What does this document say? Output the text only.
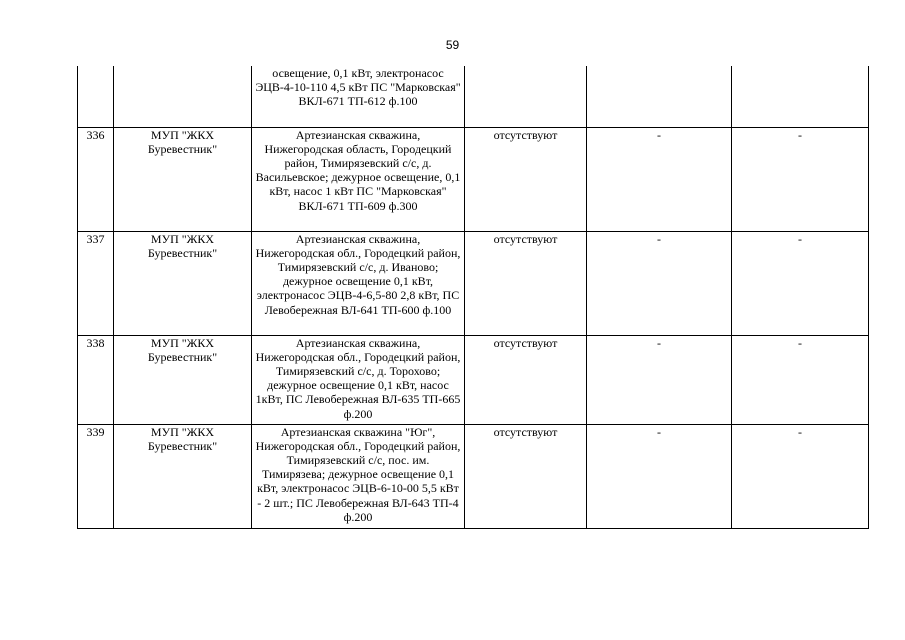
59
		освещение, 0,1 кВт, электронасос ЭЦВ-4-10-110 4,5 кВт ПС "Марковская" ВКЛ-671 ТП-612 ф.100			
336	МУП "ЖКХ Буревестник"	Артезианская скважина, Нижегородская область, Городецкий район, Тимирязевский с/с, д. Васильевское; дежурное освещение, 0,1 кВт, насос 1 кВт ПС "Марковская" ВКЛ-671 ТП-609 ф.300	отсутствуют	-	-
337	МУП "ЖКХ Буревестник"	Артезианская скважина, Нижегородская обл., Городецкий район, Тимирязевский с/с, д. Иваново; дежурное освещение 0,1 кВт, электронасос ЭЦВ-4-6,5-80 2,8 кВт, ПС Левобережная ВЛ-641 ТП-600 ф.100	отсутствуют	-	-
338	МУП "ЖКХ Буревестник"	Артезианская скважина, Нижегородская обл., Городецкий район, Тимирязевский с/с, д. Торохово; дежурное освещение 0,1 кВт, насос 1кВт, ПС Левобережная ВЛ-635 ТП-665 ф.200	отсутствуют	-	-
339	МУП "ЖКХ Буревестник"	Артезианская скважина "Юг", Нижегородская обл., Городецкий район, Тимирязевский с/с, пос. им. Тимирязева; дежурное освещение 0,1 кВт, электронасос ЭЦВ-6-10-00 5,5 кВт - 2 шт.; ПС Левобережная ВЛ-643 ТП-4 ф.200	отсутствуют	-	-
